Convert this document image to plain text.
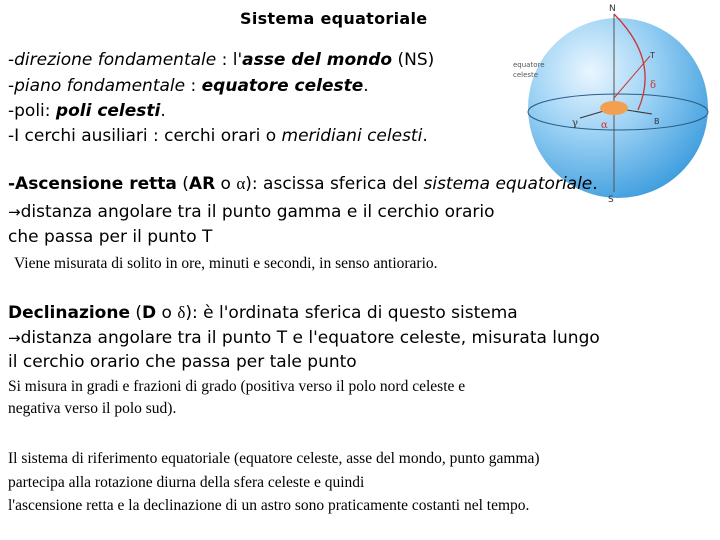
Sistema equatoriale	N
S
equatore
celeste
T
B
γ α
δ
-direzione fondamentale : l'asse del mondo (NS)
-piano fondamentale : equatore celeste.
-poli: poli celesti.
-I cerchi ausiliari : cerchi orari o meridiani celesti.
-Ascensione retta (AR o α): ascissa sferica del sistema equatoriale.
→distanza angolare tra il punto gamma e il cerchio orario
che passa per il punto T
Viene misurata di solito in ore, minuti e secondi, in senso antiorario.
Declinazione (D o δ): è l'ordinata sferica di questo sistema
→distanza angolare tra il punto T e l'equatore celeste, misurata lungo
il cerchio orario che passa per tale punto
Si misura in gradi e frazioni di grado (positiva verso il polo nord celeste e
negativa verso il polo sud).
Il sistema di riferimento equatoriale (equatore celeste, asse del mondo, punto gamma)
partecipa alla rotazione diurna della sfera celeste e quindi
l'ascensione retta e la declinazione di un astro sono praticamente costanti nel tempo.
